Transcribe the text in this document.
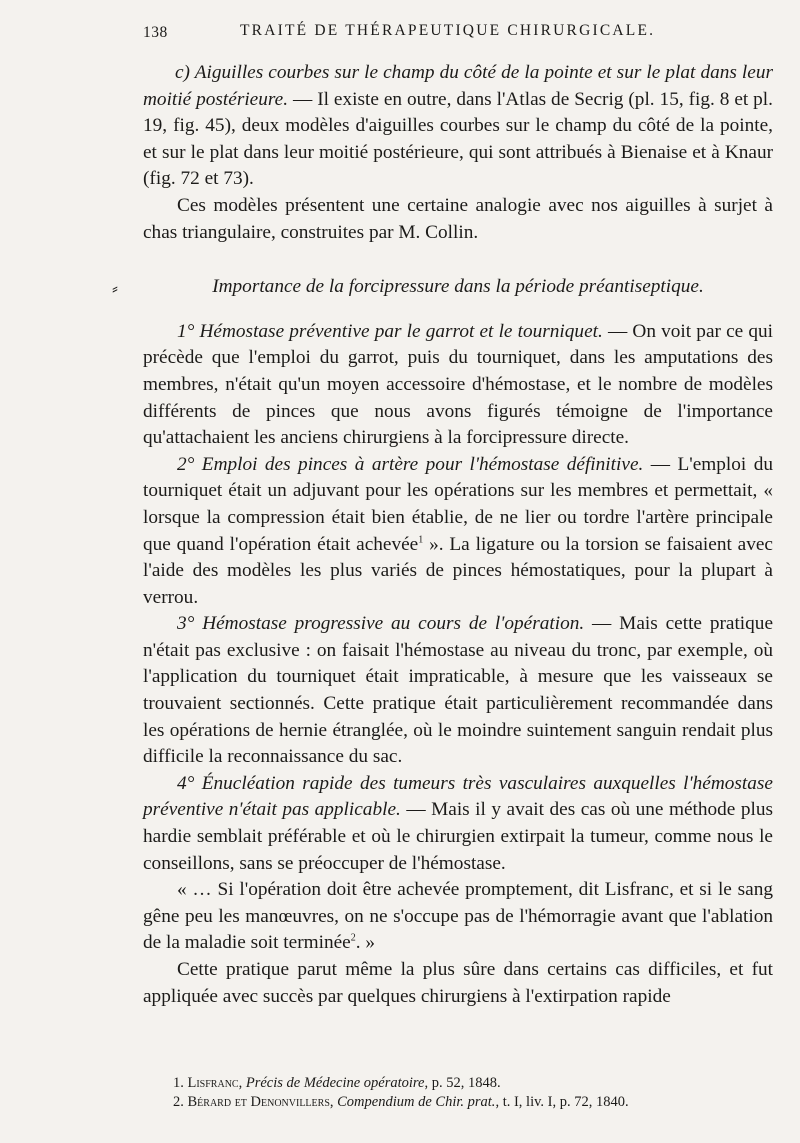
138	TRAITÉ DE THÉRAPEUTIQUE CHIRURGICALE.
⸗

c) Aiguilles courbes sur le champ du côté de la pointe et sur le plat dans leur moitié postérieure. — Il existe en outre, dans l'Atlas de Secrig (pl. 15, fig. 8 et pl. 19, fig. 45), deux modèles d'aiguilles courbes sur le champ du côté de la pointe, et sur le plat dans leur moitié postérieure, qui sont attribués à Bienaise et à Knaur (fig. 72 et 73).

Ces modèles présentent une certaine analogie avec nos aiguilles à surjet à chas triangulaire, construites par M. Collin.

Importance de la forcipressure dans la période préantiseptique.

1° Hémostase préventive par le garrot et le tourniquet. — On voit par ce qui précède que l'emploi du garrot, puis du tourniquet, dans les amputations des membres, n'était qu'un moyen accessoire d'hémostase, et le nombre de modèles différents de pinces que nous avons figurés témoigne de l'importance qu'attachaient les anciens chirurgiens à la forcipressure directe.

2° Emploi des pinces à artère pour l'hémostase définitive. — L'emploi du tourniquet était un adjuvant pour les opérations sur les membres et permettait, « lorsque la compression était bien établie, de ne lier ou tordre l'artère principale que quand l'opération était achevée$^1$ ». La ligature ou la torsion se faisaient avec l'aide des modèles les plus variés de pinces hémostatiques, pour la plupart à verrou.

3° Hémostase progressive au cours de l'opération. — Mais cette pratique n'était pas exclusive : on faisait l'hémostase au niveau du tronc, par exemple, où l'application du tourniquet était impraticable, à mesure que les vaisseaux se trouvaient sectionnés. Cette pratique était particulièrement recommandée dans les opérations de hernie étranglée, où le moindre suintement sanguin rendait plus difficile la reconnaissance du sac.

4° Énucléation rapide des tumeurs très vasculaires auxquelles l'hémostase préventive n'était pas applicable. — Mais il y avait des cas où une méthode plus hardie semblait préférable et où le chirurgien extirpait la tumeur, comme nous le conseillons, sans se préoccuper de l'hémostase.

« … Si l'opération doit être achevée promptement, dit Lisfranc, et si le sang gêne peu les manœuvres, on ne s'occupe pas de l'hémorragie avant que l'ablation de la maladie soit terminée$^2$. »

Cette pratique parut même la plus sûre dans certains cas difficiles, et fut appliquée avec succès par quelques chirurgiens à l'extirpation rapide

1. Lisfranc, Précis de Médecine opératoire, p. 52, 1848.
2. Bérard et Denonvillers, Compendium de Chir. prat., t. I, liv. I, p. 72, 1840.
